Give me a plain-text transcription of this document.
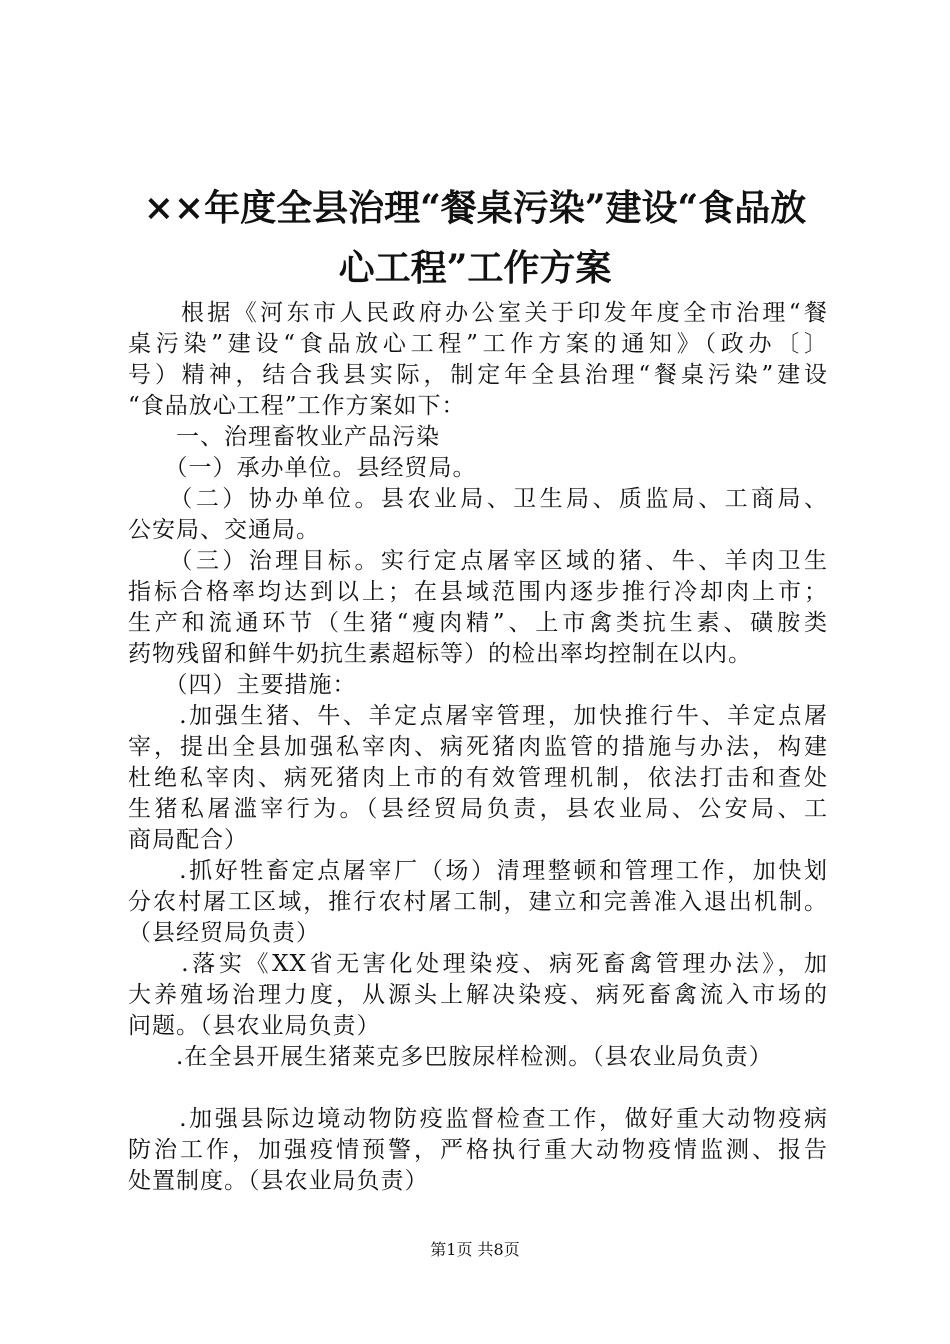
××年度全县治理“餐桌污染”建设“食品放
心工程”工作方案
　　根据《河东市人民政府办公室关于印发年度全市治理“餐
桌污染”建设“食品放心工程”工作方案的通知》（政办〔〕
号）精神，结合我县实际，制定年全县治理“餐桌污染”建设
“食品放心工程”工作方案如下：
　　一、治理畜牧业产品污染
　　（一）承办单位。县经贸局。
　　（二）协办单位。县农业局、卫生局、质监局、工商局、
公安局、交通局。
　　（三）治理目标。实行定点屠宰区域的猪、牛、羊肉卫生
指标合格率均达到以上；在县域范围内逐步推行冷却肉上市；
生产和流通环节（生猪“瘦肉精”、上市禽类抗生素、磺胺类
药物残留和鲜牛奶抗生素超标等）的检出率均控制在以内。
　　（四）主要措施：
　　.加强生猪、牛、羊定点屠宰管理，加快推行牛、羊定点屠
宰，提出全县加强私宰肉、病死猪肉监管的措施与办法，构建
杜绝私宰肉、病死猪肉上市的有效管理机制，依法打击和查处
生猪私屠滥宰行为。（县经贸局负责，县农业局、公安局、工
商局配合）
　　.抓好牲畜定点屠宰厂（场）清理整顿和管理工作，加快划
分农村屠工区域，推行农村屠工制，建立和完善准入退出机制。
（县经贸局负责）
　　.落实《XX省无害化处理染疫、病死畜禽管理办法》，加
大养殖场治理力度，从源头上解决染疫、病死畜禽流入市场的
问题。（县农业局负责）
　　.在全县开展生猪莱克多巴胺尿样检测。（县农业局负责）
　　.加强县际边境动物防疫监督检查工作，做好重大动物疫病
防治工作，加强疫情预警，严格执行重大动物疫情监测、报告
处置制度。（县农业局负责）
第1页 共8页
